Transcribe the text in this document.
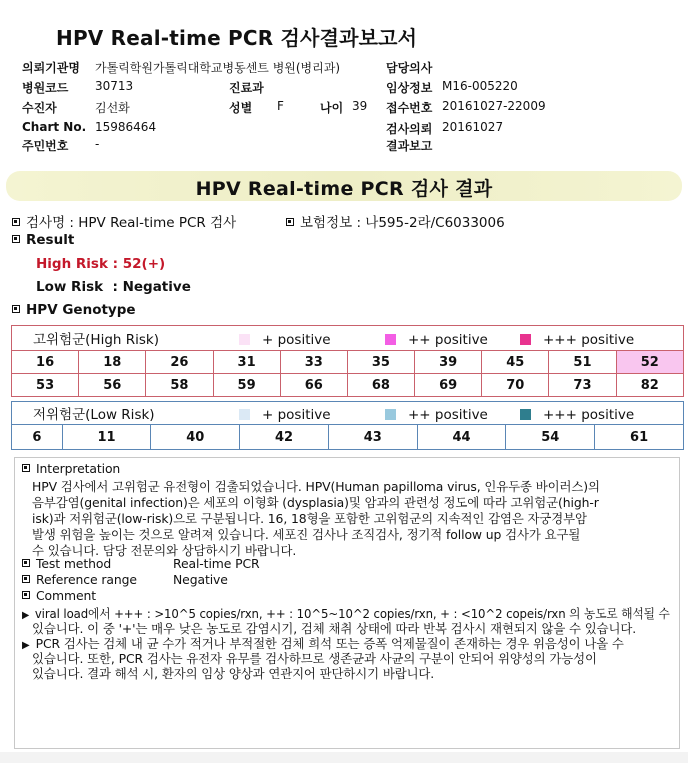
HPV Real-time PCR 검사결과보고서
의뢰기관명 가톨릭학원가톨릭대학교병동센트 병원(병리과)	담당의사
병원코드 30713	진료과	임상정보 M16-005220
수진자	김선화	성별 F	나이 39 접수번호 20161027-22009
Chart No. 15986464	검사의뢰 20161027
주민번호 -	결과보고
HPV Real-time PCR 검사 결과
검사명 : HPV Real-time PCR 검사	보험정보 : 나595-2라/C6033006
Result
High Risk : 52(+)
Low Risk  : Negative
HPV Genotype
고위험군(High Risk) + positive ++ positive +++ positive									
16	18	26	31	33	35	39	45	51	52
53	56	58	59	66	68	69	70	73	82
저위험군(Low Risk)	+ positive	++ positive	+++ positive
6	11	40	42	43	44	54	61
Interpretation
HPV 검사에서 고위험군 유전형이 검출되었습니다. HPV(Human papilloma virus, 인유두종 바이러스)의
음부감염(genital infection)은 세포의 이형화 (dysplasia)및 암과의 관련성 정도에 따라 고위험군(high-r
isk)과 저위험군(low-risk)으로 구분됩니다. 16, 18형을 포함한 고위험군의 지속적인 감염은 자궁경부암
발생 위험을 높이는 것으로 알려져 있습니다. 세포진 검사나 조직검사, 정기적 follow up 검사가 요구될
수 있습니다. 담당 전문의와 상담하시기 바랍니다.
Test method	Real-time PCR
Reference range	Negative
Comment
▶ viral load에서 +++ : >10^5 copies/rxn, ++ : 10^5~10^2 copies/rxn, + : <10^2 copeis/rxn 의 농도로 해석될 수
있습니다. 이 중 '+'는 매우 낮은 농도로 감염시기, 검체 채취 상태에 따라 반복 검사시 재현되지 않을 수 있습니다.
▶ PCR 검사는 검체 내 균 수가 적거나 부적절한 검체 희석 또는 증폭 억제물질이 존재하는 경우 위음성이 나올 수
있습니다. 또한, PCR 검사는 유전자 유무를 검사하므로 생존균과 사균의 구분이 안되어 위양성의 가능성이
있습니다. 결과 해석 시, 환자의 임상 양상과 연관지어 판단하시기 바랍니다.
